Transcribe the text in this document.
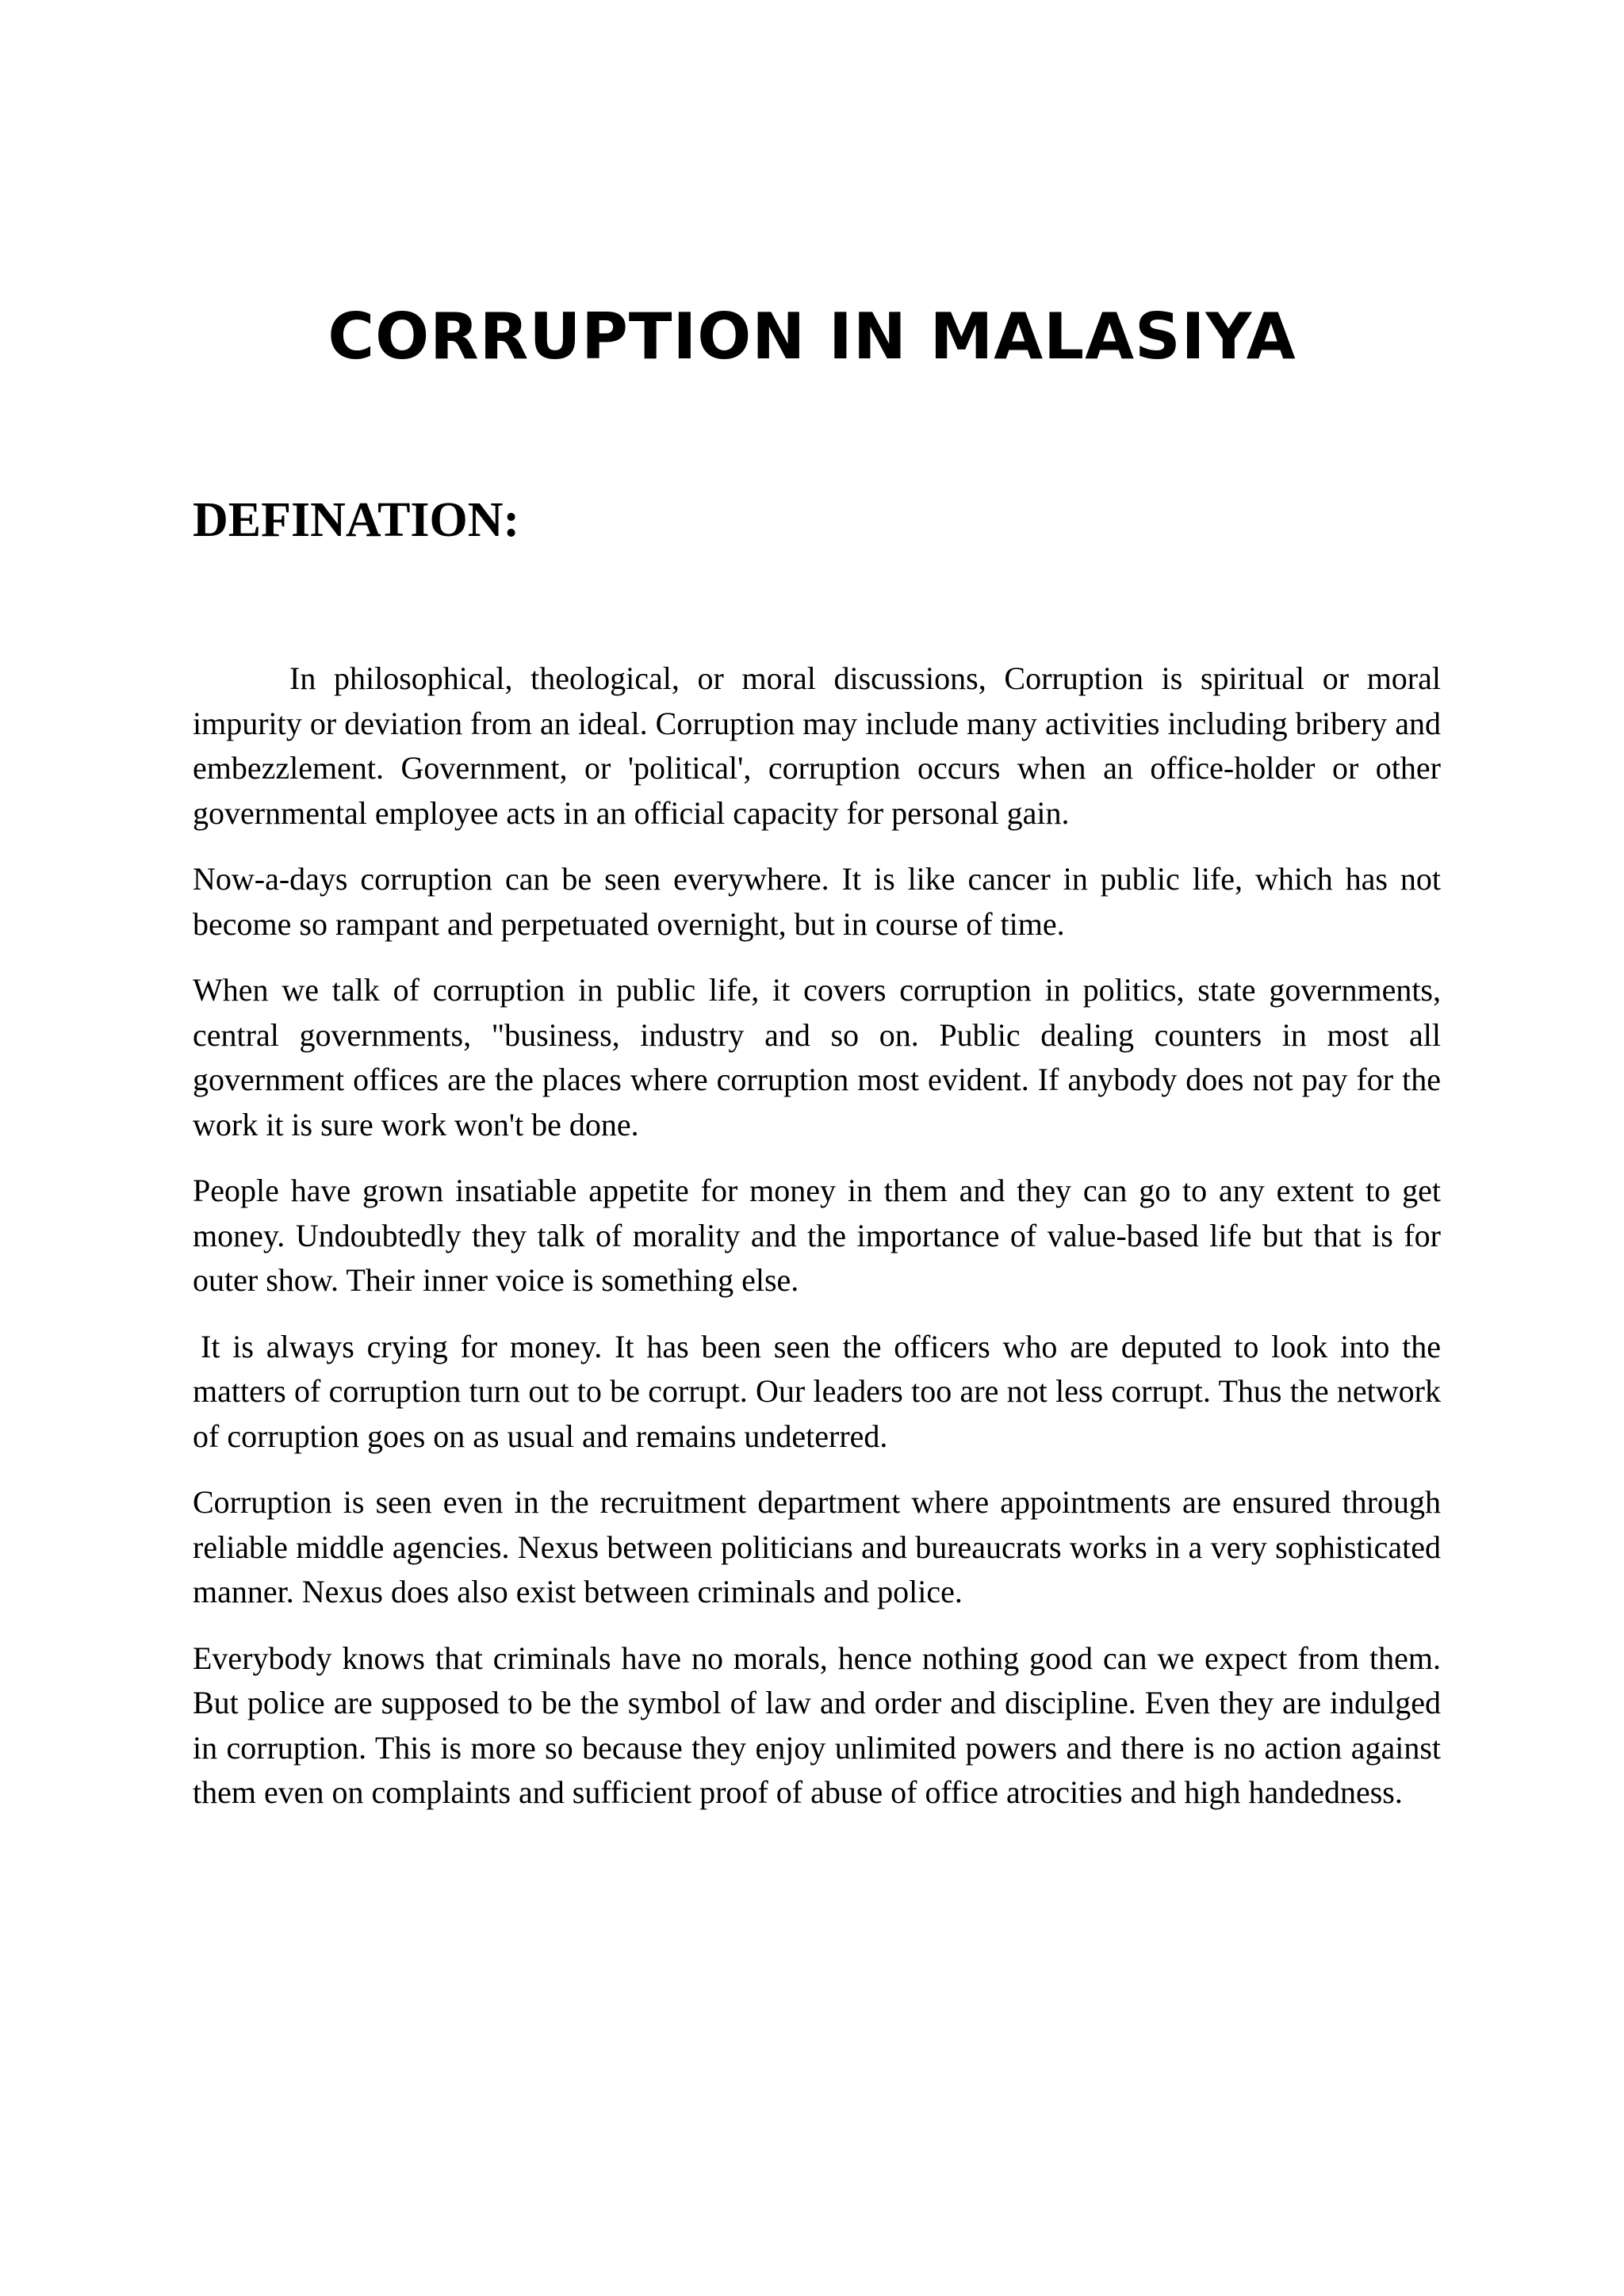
CORRUPTION IN MALASIYA
DEFINATION:

In philosophical, theological, or moral discussions, Corruption is spiritual or moral impurity or deviation from an ideal. Corruption may include many activities including bribery and embezzlement. Government, or 'political', corruption occurs when an office-holder or other governmental employee acts in an official capacity for personal gain.

Now-a-days corruption can be seen everywhere. It is like cancer in public life, which has not become so rampant and perpetuated overnight, but in course of time.

When we talk of corruption in public life, it covers corruption in politics, state governments, central governments, "business, industry and so on. Public dealing counters in most all government offices are the places where corruption most evident. If anybody does not pay for the work it is sure work won't be done.

People have grown insatiable appetite for money in them and they can go to any extent to get money. Undoubtedly they talk of morality and the importance of value-based life but that is for outer show. Their inner voice is something else.

It is always crying for money. It has been seen the officers who are deputed to look into the matters of corruption turn out to be corrupt. Our leaders too are not less corrupt. Thus the network of corruption goes on as usual and remains undeterred.

Corruption is seen even in the recruitment department where appointments are ensured through reliable middle agencies. Nexus between politicians and bureaucrats works in a very sophisticated manner. Nexus does also exist between criminals and police.

Everybody knows that criminals have no morals, hence nothing good can we expect from them. But police are supposed to be the symbol of law and order and discipline. Even they are indulged in corruption. This is more so because they enjoy unlimited powers and there is no action against them even on complaints and sufficient proof of abuse of office atrocities and high handedness.
